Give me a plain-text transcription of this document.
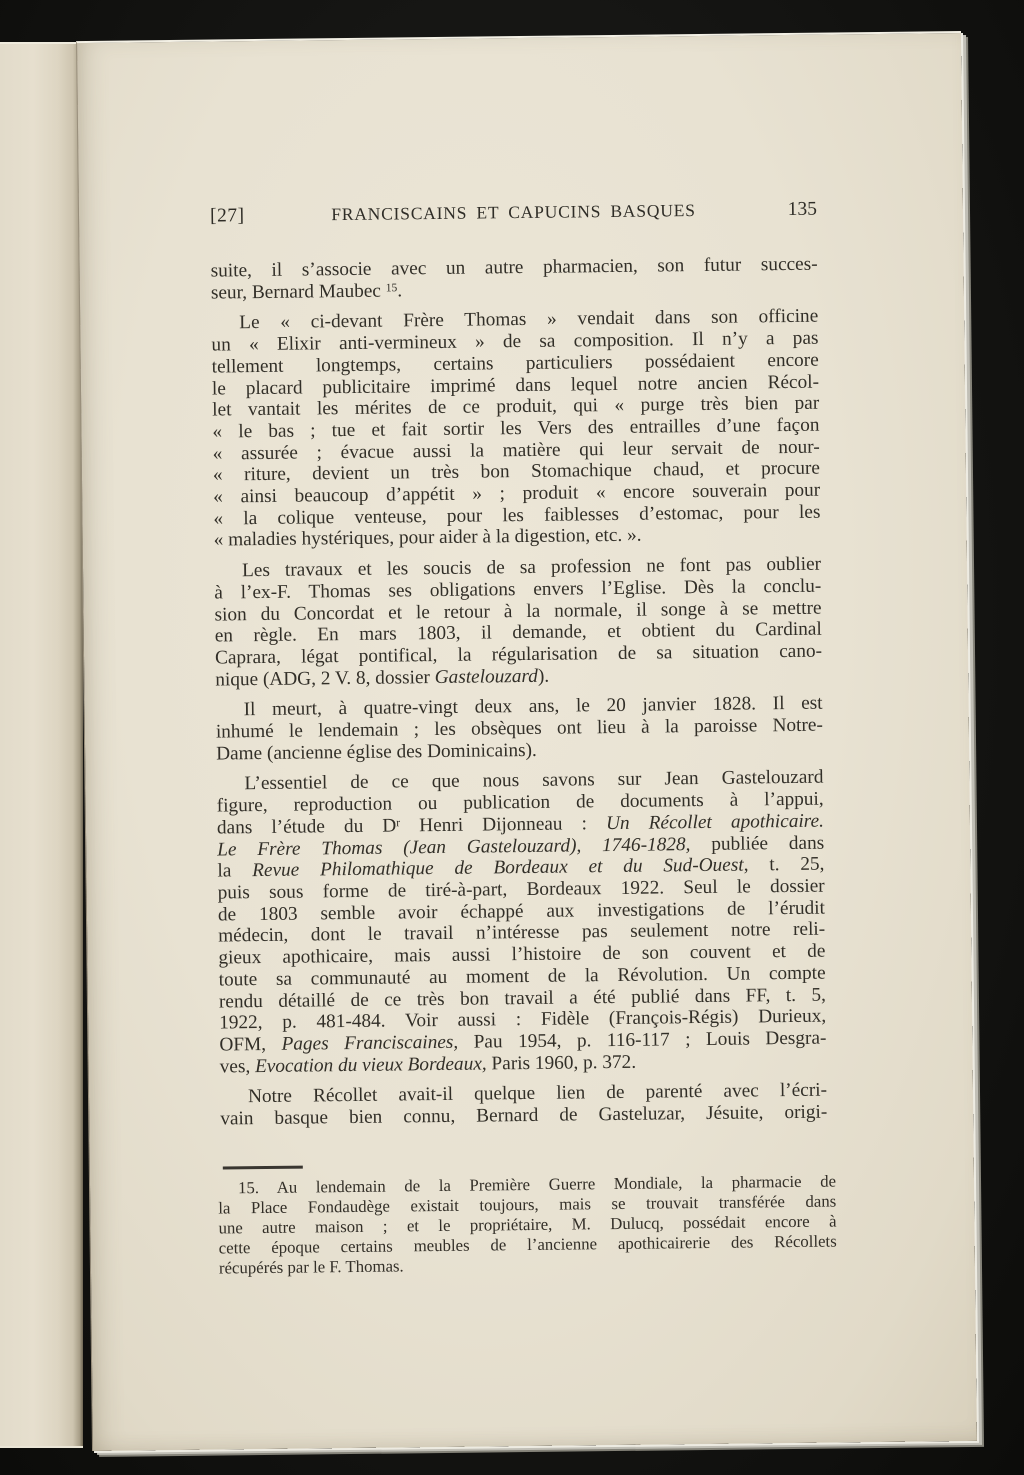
[27]	FRANCISCAINS ET CAPUCINS BASQUES	135

suite, il s’associe avec un autre pharmacien, son futur succes-
seur, Bernard Maubec $^{15}$.

Le « ci-devant Frère Thomas » vendait dans son officine
un « Elixir anti-vermineux » de sa composition. Il n’y a pas
tellement longtemps, certains particuliers possédaient encore
le placard publicitaire imprimé dans lequel notre ancien Récol-
let vantait les mérites de ce produit, qui « purge très bien par
« le bas ; tue et fait sortir les Vers des entrailles d’une façon
« assurée ; évacue aussi la matière qui leur servait de nour-
« riture, devient un très bon Stomachique chaud, et procure
« ainsi beaucoup d’appétit » ; produit « encore souverain pour
« la colique venteuse, pour les faiblesses d’estomac, pour les
« maladies hystériques, pour aider à la digestion, etc. ».

Les travaux et les soucis de sa profession ne font pas oublier
à l’ex-F. Thomas ses obligations envers l’Eglise. Dès la conclu-
sion du Concordat et le retour à la normale, il songe à se mettre
en règle. En mars 1803, il demande, et obtient du Cardinal
Caprara, légat pontifical, la régularisation de sa situation cano-
nique (ADG, 2 V. 8, dossier Gastelouzard).

Il meurt, à quatre-vingt deux ans, le 20 janvier 1828. Il est
inhumé le lendemain ; les obsèques ont lieu à la paroisse Notre-
Dame (ancienne église des Dominicains).

L’essentiel de ce que nous savons sur Jean Gastelouzard
figure, reproduction ou publication de documents à l’appui,
dans l’étude du $D^r$ Henri Dijonneau : Un Récollet apothicaire.
Le Frère Thomas (Jean Gastelouzard), 1746-1828, publiée dans
la Revue Philomathique de Bordeaux et du Sud-Ouest, t. 25,
puis sous forme de tiré-à-part, Bordeaux 1922. Seul le dossier
de 1803 semble avoir échappé aux investigations de l’érudit
médecin, dont le travail n’intéresse pas seulement notre reli-
gieux apothicaire, mais aussi l’histoire de son couvent et de
toute sa communauté au moment de la Révolution. Un compte
rendu détaillé de ce très bon travail a été publié dans FF, t. 5,
1922, p. 481-484. Voir aussi : Fidèle (François-Régis) Durieux,
OFM, Pages Franciscaines, Pau 1954, p. 116-117 ; Louis Desgra-
ves, Evocation du vieux Bordeaux, Paris 1960, p. 372.

Notre Récollet avait-il quelque lien de parenté avec l’écri-
vain basque bien connu, Bernard de Gasteluzar, Jésuite, origi-

15. Au lendemain de la Première Guerre Mondiale, la pharmacie de
la Place Fondaudège existait toujours, mais se trouvait transférée dans
une autre maison ; et le propriétaire, M. Dulucq, possédait encore à
cette époque certains meubles de l’ancienne apothicairerie des Récollets
récupérés par le F. Thomas.
